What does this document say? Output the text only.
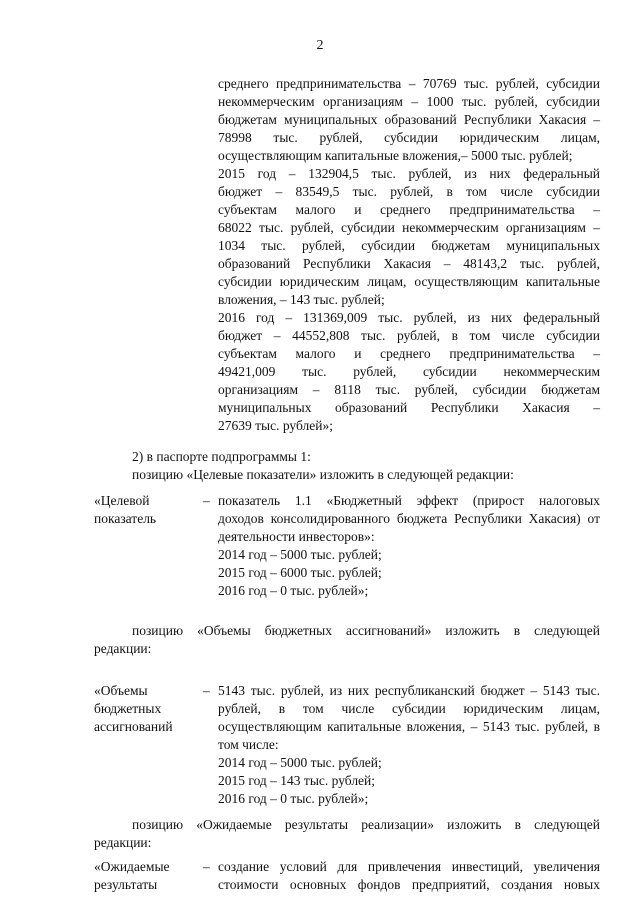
2
среднего предпринимательства – 70769 тыс. рублей, субсидии
некоммерческим организациям – 1000 тыс. рублей, субсидии
бюджетам муниципальных образований Республики Хакасия –
78998 тыс. рублей, субсидии юридическим лицам,
осуществляющим капитальные вложения,– 5000 тыс. рублей;
2015 год – 132904,5 тыс. рублей, из них федеральный
бюджет – 83549,5 тыс. рублей, в том числе субсидии
субъектам малого и среднего предпринимательства –
68022 тыс. рублей, субсидии некоммерческим организациям –
1034 тыс. рублей, субсидии бюджетам муниципальных
образований Республики Хакасия – 48143,2 тыс. рублей,
субсидии юридическим лицам, осуществляющим капитальные
вложения, – 143 тыс. рублей;
2016 год – 131369,009 тыс. рублей, из них федеральный
бюджет – 44552,808 тыс. рублей, в том числе субсидии
субъектам малого и среднего предпринимательства –
49421,009 тыс. рублей, субсидии некоммерческим
организациям – 8118 тыс. рублей, субсидии бюджетам
муниципальных образований Республики Хакасия –
27639 тыс. рублей»;
2) в паспорте подпрограммы 1:
позицию «Целевые показатели» изложить в следующей редакции:
«Целевой
показатель
– показатель 1.1 «Бюджетный эффект (прирост налоговых
доходов консолидированного бюджета Республики Хакасия) от
деятельности инвесторов»:
2014 год – 5000 тыс. рублей;
2015 год – 6000 тыс. рублей;
2016 год – 0 тыс. рублей»;
позицию «Объемы бюджетных ассигнований» изложить в следующей
редакции:
«Объемы
бюджетных
ассигнований
– 5143 тыс. рублей, из них республиканский бюджет – 5143 тыс.
рублей, в том числе субсидии юридическим лицам,
осуществляющим капитальные вложения, – 5143 тыс. рублей, в
том числе:
2014 год – 5000 тыс. рублей;
2015 год – 143 тыс. рублей;
2016 год – 0 тыс. рублей»;
позицию «Ожидаемые результаты реализации» изложить в следующей
редакции:
«Ожидаемые
результаты
– создание условий для привлечения инвестиций, увеличения
стоимости основных фондов предприятий, создания новых
